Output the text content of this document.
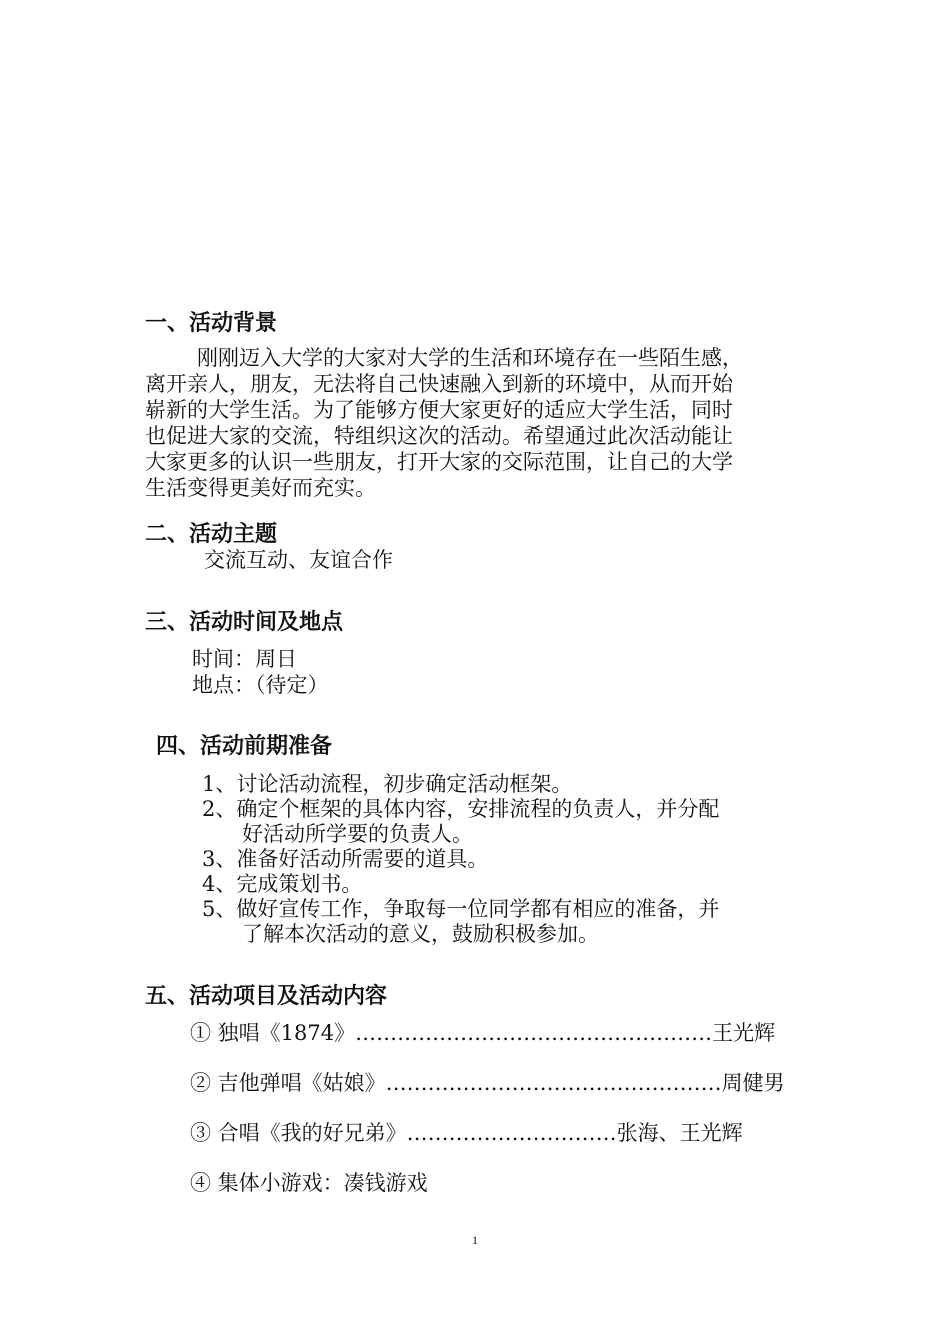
一、活动背景
刚刚迈入大学的大家对大学的生活和环境存在一些陌生感，
离开亲人，朋友，无法将自己快速融入到新的环境中，从而开始
崭新的大学生活。为了能够方便大家更好的适应大学生活，同时
也促进大家的交流，特组织这次的活动。希望通过此次活动能让
大家更多的认识一些朋友，打开大家的交际范围，让自己的大学
生活变得更美好而充实。
二、活动主题
交流互动、友谊合作
三、活动时间及地点
时间：周日
地点：（待定）
四、活动前期准备
1、讨论活动流程，初步确定活动框架。
2、确定个框架的具体内容，安排流程的负责人，并分配
好活动所学要的负责人。
3、准备好活动所需要的道具。
4、完成策划书。
5、做好宣传工作，争取每一位同学都有相应的准备，并
了解本次活动的意义，鼓励积极参加。
五、活动项目及活动内容
① 独唱《1874》……………………………………………王光辉
② 吉他弹唱《姑娘》…………………………………………周健男
③ 合唱《我的好兄弟》…………………………张海、王光辉
④ 集体小游戏：凑钱游戏
1
